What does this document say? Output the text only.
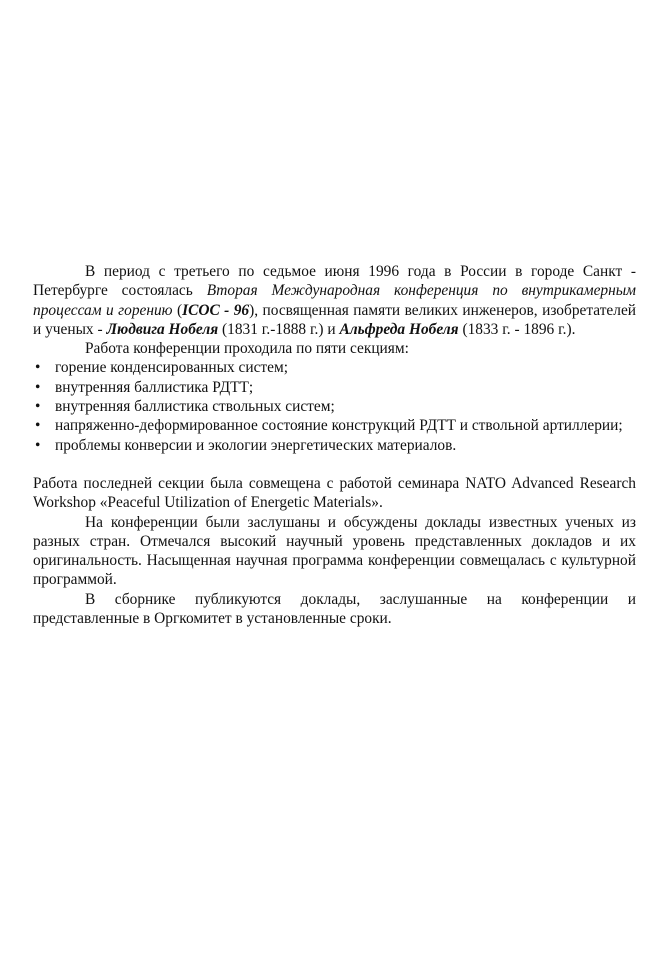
В период с третьего по седьмое июня 1996 года в России в городе Санкт - Петербурге состоялась Вторая Международная конференция по внутрикамерным процессам и горению (ICOC - 96), посвященная памяти великих инженеров, изобретателей и ученых - Людвига Нобеля (1831 г.-1888 г.) и Альфреда Нобеля (1833 г. - 1896 г.).

Работа конференции проходила по пяти секциям:

• горение конденсированных систем;
• внутренняя баллистика РДТТ;
• внутренняя баллистика ствольных систем;
• напряженно-деформированное состояние конструкций РДТТ и ствольной артиллерии;
• проблемы конверсии и экологии энергетических материалов.

Работа последней секции была совмещена с работой семинара NATO Advanced Research Workshop «Peaceful Utilization of Energetic Materials».

На конференции были заслушаны и обсуждены доклады известных ученых из разных стран. Отмечался высокий научный уровень представленных докладов и их оригинальность. Насыщенная научная программа конференции совмещалась с культурной программой.

В сборнике публикуются доклады, заслушанные на конференции и представленные в Оргкомитет в установленные сроки.
